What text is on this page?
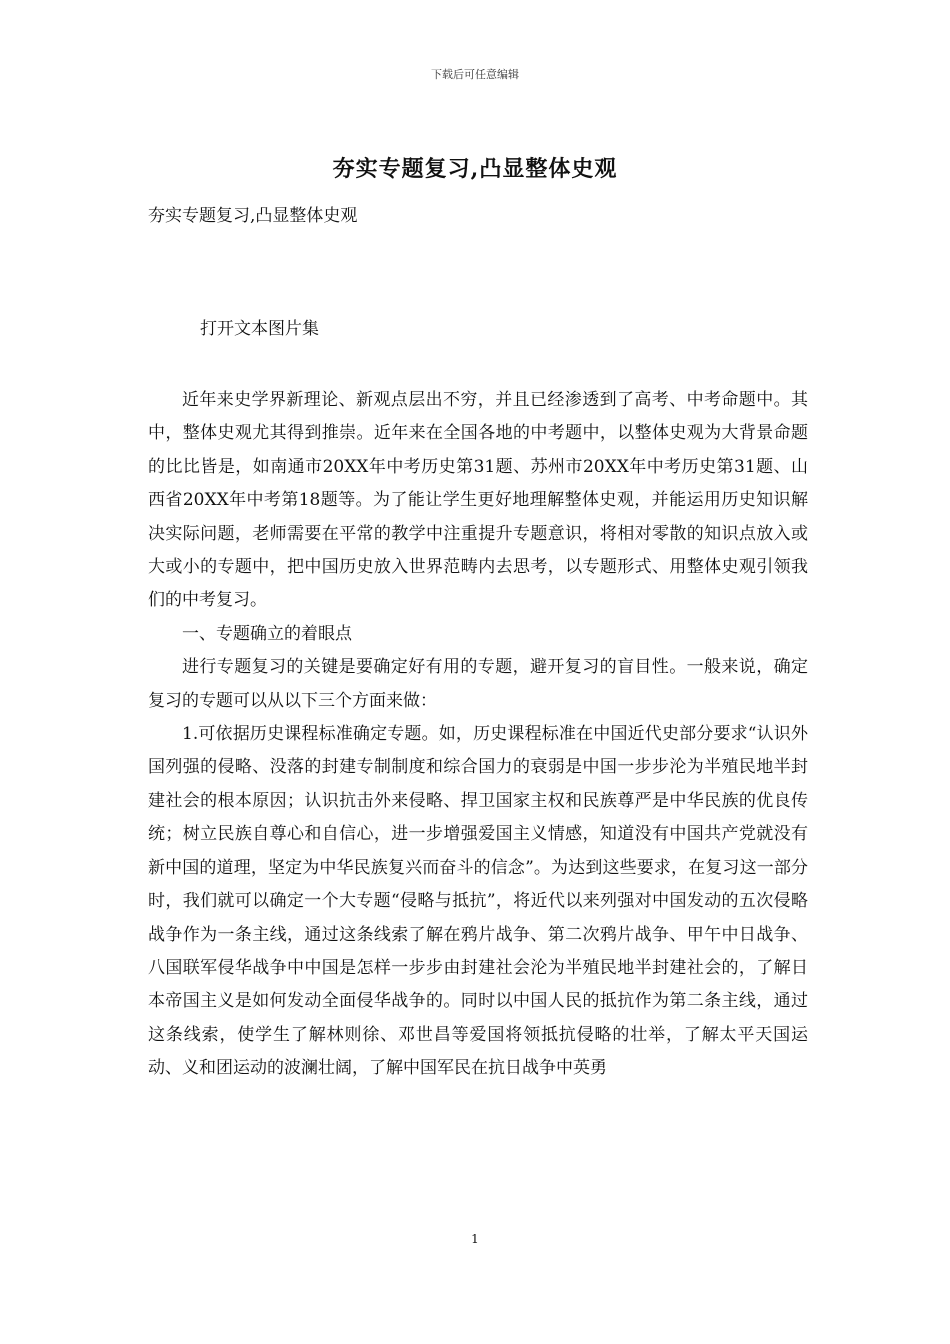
下载后可任意编辑
夯实专题复习,凸显整体史观
夯实专题复习,凸显整体史观
打开文本图片集

近年来史学界新理论、新观点层出不穷，并且已经渗透到了高考、中考命题中。其中，整体史观尤其得到推崇。近年来在全国各地的中考题中，以整体史观为大背景命题的比比皆是，如南通市20XX年中考历史第31题、苏州市20XX年中考历史第31题、山西省20XX年中考第18题等。为了能让学生更好地理解整体史观，并能运用历史知识解决实际问题，老师需要在平常的教学中注重提升专题意识，将相对零散的知识点放入或大或小的专题中，把中国历史放入世界范畴内去思考，以专题形式、用整体史观引领我们的中考复习。

一、专题确立的着眼点

进行专题复习的关键是要确定好有用的专题，避开复习的盲目性。一般来说，确定复习的专题可以从以下三个方面来做：

1.可依据历史课程标准确定专题。如，历史课程标准在中国近代史部分要求“认识外国列强的侵略、没落的封建专制制度和综合国力的衰弱是中国一步步沦为半殖民地半封建社会的根本原因；认识抗击外来侵略、捍卫国家主权和民族尊严是中华民族的优良传统；树立民族自尊心和自信心，进一步增强爱国主义情感，知道没有中国共产党就没有新中国的道理，坚定为中华民族复兴而奋斗的信念”。为达到这些要求，在复习这一部分时，我们就可以确定一个大专题“侵略与抵抗”，将近代以来列强对中国发动的五次侵略战争作为一条主线，通过这条线索了解在鸦片战争、第二次鸦片战争、甲午中日战争、八国联军侵华战争中中国是怎样一步步由封建社会沦为半殖民地半封建社会的，了解日本帝国主义是如何发动全面侵华战争的。同时以中国人民的抵抗作为第二条主线，通过这条线索，使学生了解林则徐、邓世昌等爱国将领抵抗侵略的壮举，了解太平天国运动、义和团运动的波澜壮阔，了解中国军民在抗日战争中英勇

1
